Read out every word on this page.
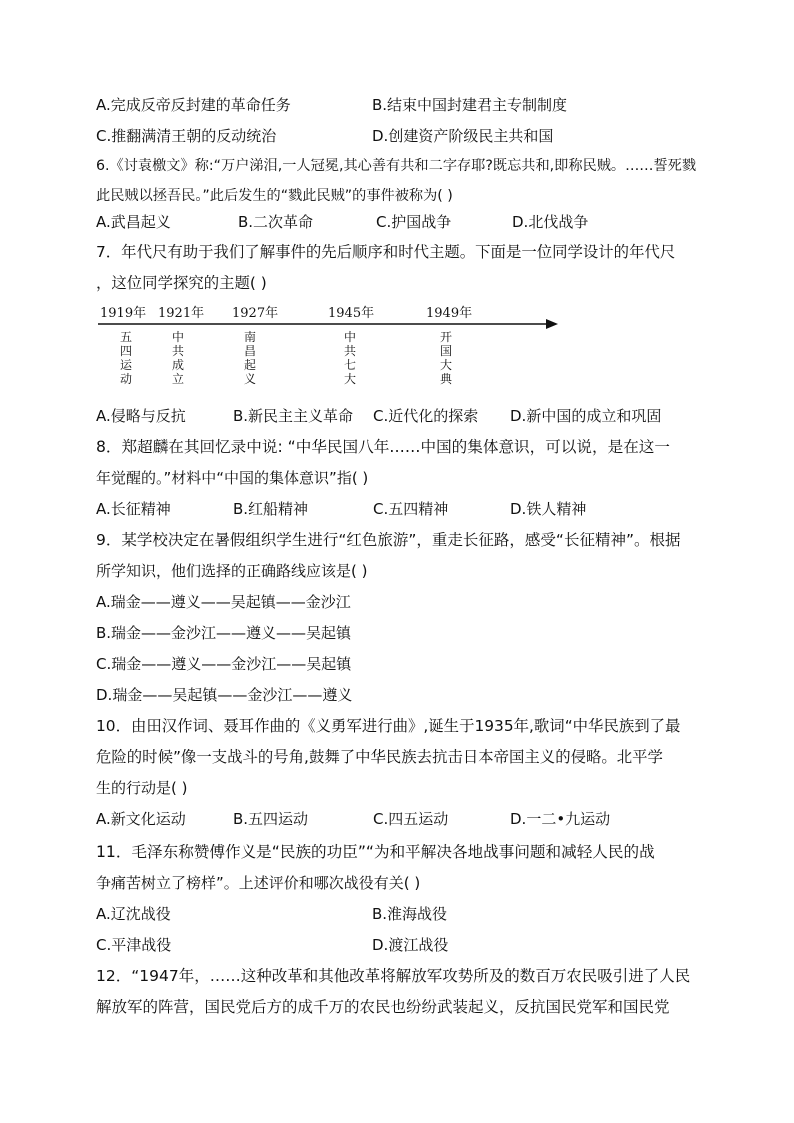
A.完成反帝反封建的革命任务	B.结束中国封建君主专制制度
C.推翻满清王朝的反动统治	D.创建资产阶级民主共和国
6.《讨袁檄文》称:“万户涕泪,一人冠冕,其心善有共和二字存耶?既忘共和,即称民贼。……誓死戮
此民贼以拯吾民。”此后发生的“戮此民贼”的事件被称为( )
A.武昌起义	B.二次革命	C.护国战争	D.北伐战争
7．年代尺有助于我们了解事件的先后顺序和时代主题。下面是一位同学设计的年代尺
，这位同学探究的主题( )
1919年 1921年 1927年	1945年	1949年
五四运动
中共成立
南昌起义
中共七大
开国大典
A.侵略与反抗	B.新民主主义革命 C.近代化的探索 D.新中国的成立和巩固
8．郑超麟在其回忆录中说: “中华民国八年……中国的集体意识，可以说，是在这一
年觉醒的。”材料中“中国的集体意识”指( )
A.长征精神	B.红船精神	C.五四精神	D.铁人精神
9．某学校决定在暑假组织学生进行“红色旅游”，重走长征路，感受“长征精神”。根据
所学知识，他们选择的正确路线应该是( )
A.瑞金——遵义——吴起镇——金沙江
B.瑞金——金沙江——遵义——吴起镇
C.瑞金——遵义——金沙江——吴起镇
D.瑞金——吴起镇——金沙江——遵义
10．由田汉作词、聂耳作曲的《义勇军进行曲》,诞生于1935年,歌词“中华民族到了最
危险的时候”像一支战斗的号角,鼓舞了中华民族去抗击日本帝国主义的侵略。北平学
生的行动是( )
A.新文化运动	B.五四运动	C.四五运动	D.一二•九运动
11．毛泽东称赞傅作义是“民族的功臣”“为和平解决各地战事问题和减轻人民的战
争痛苦树立了榜样”。上述评价和哪次战役有关( )
A.辽沈战役	B.淮海战役
C.平津战役	D.渡江战役
12．“1947年，……这种改革和其他改革将解放军攻势所及的数百万农民吸引进了人民
解放军的阵营，国民党后方的成千万的农民也纷纷武装起义，反抗国民党军和国民党
